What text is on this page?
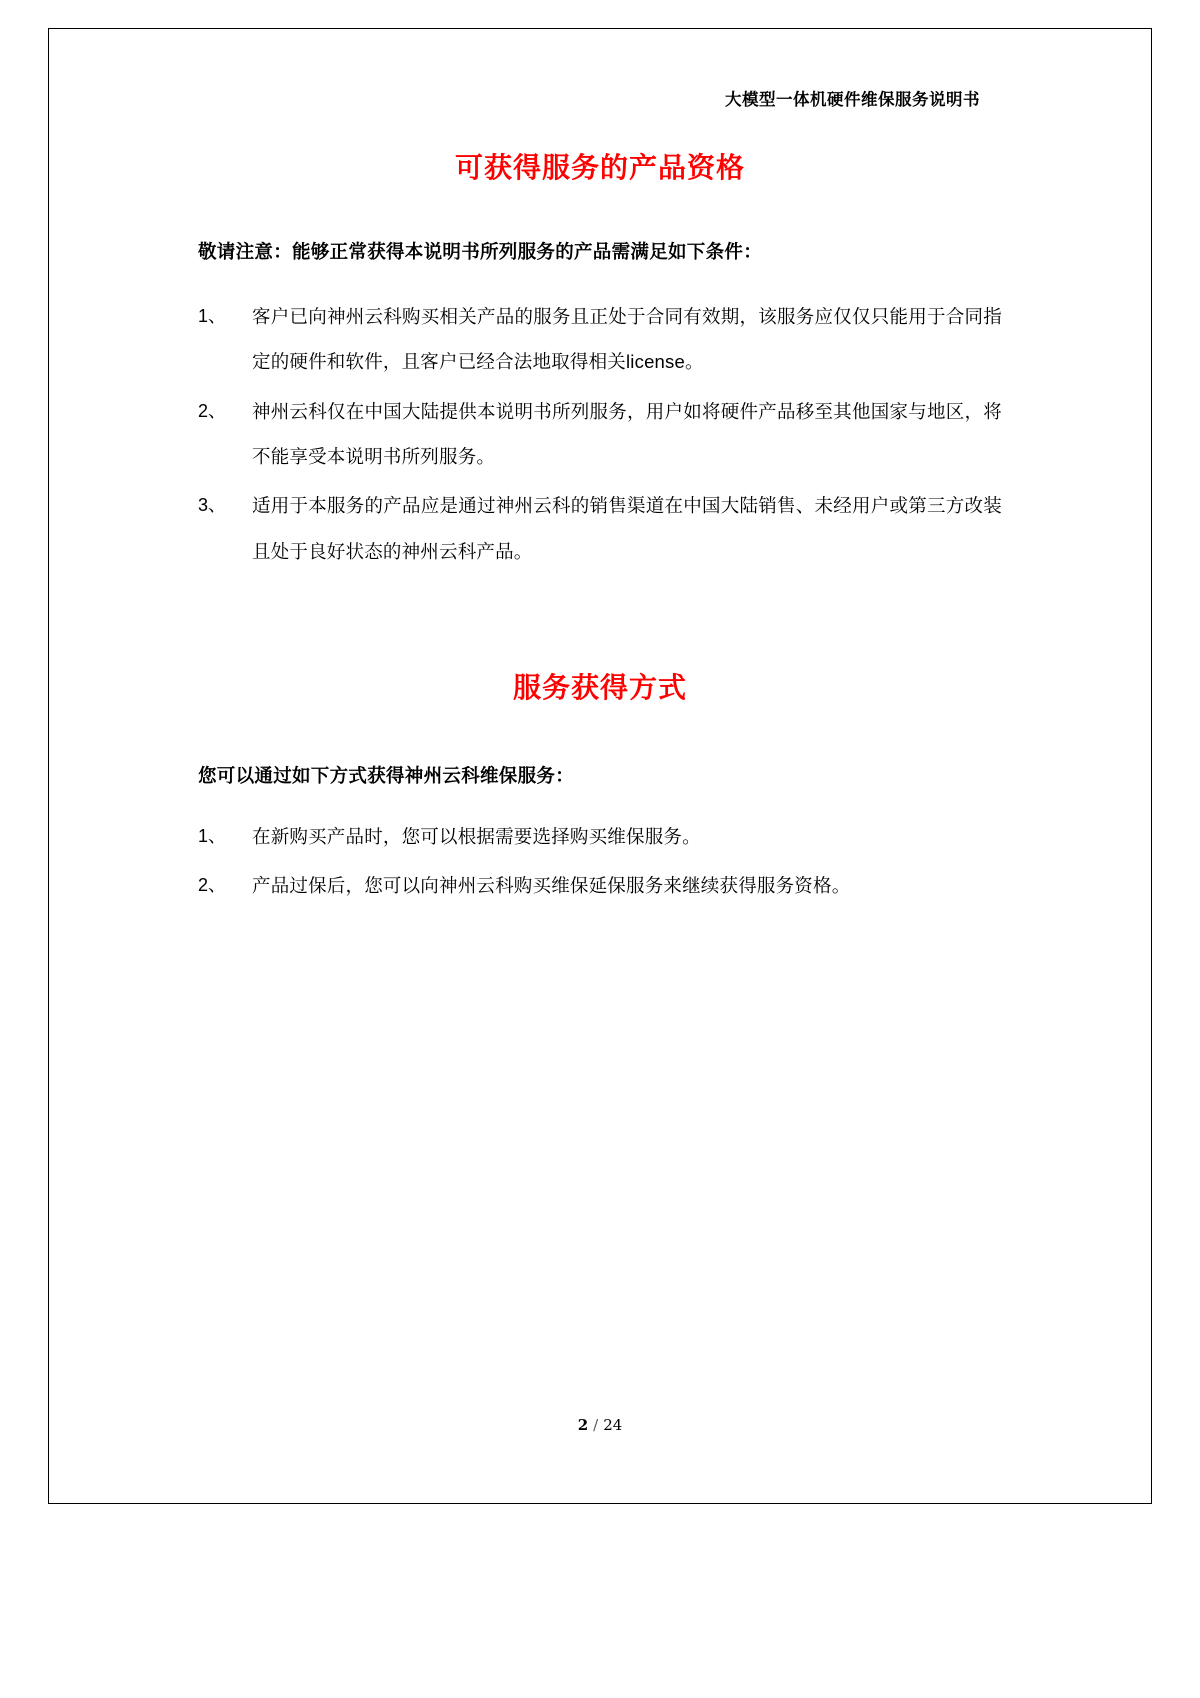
大模型一体机硬件维保服务说明书
可获得服务的产品资格
敬请注意：能够正常获得本说明书所列服务的产品需满足如下条件：
1、	客户已向神州云科购买相关产品的服务且正处于合同有效期，该服务应仅仅只能用于合同指定的硬件和软件，且客户已经合法地取得相关license。
2、	神州云科仅在中国大陆提供本说明书所列服务，用户如将硬件产品移至其他国家与地区，将不能享受本说明书所列服务。
3、	适用于本服务的产品应是通过神州云科的销售渠道在中国大陆销售、未经用户或第三方改装且处于良好状态的神州云科产品。
服务获得方式
您可以通过如下方式获得神州云科维保服务：
1、	在新购买产品时，您可以根据需要选择购买维保服务。
2、	产品过保后，您可以向神州云科购买维保延保服务来继续获得服务资格。
2 / 24
